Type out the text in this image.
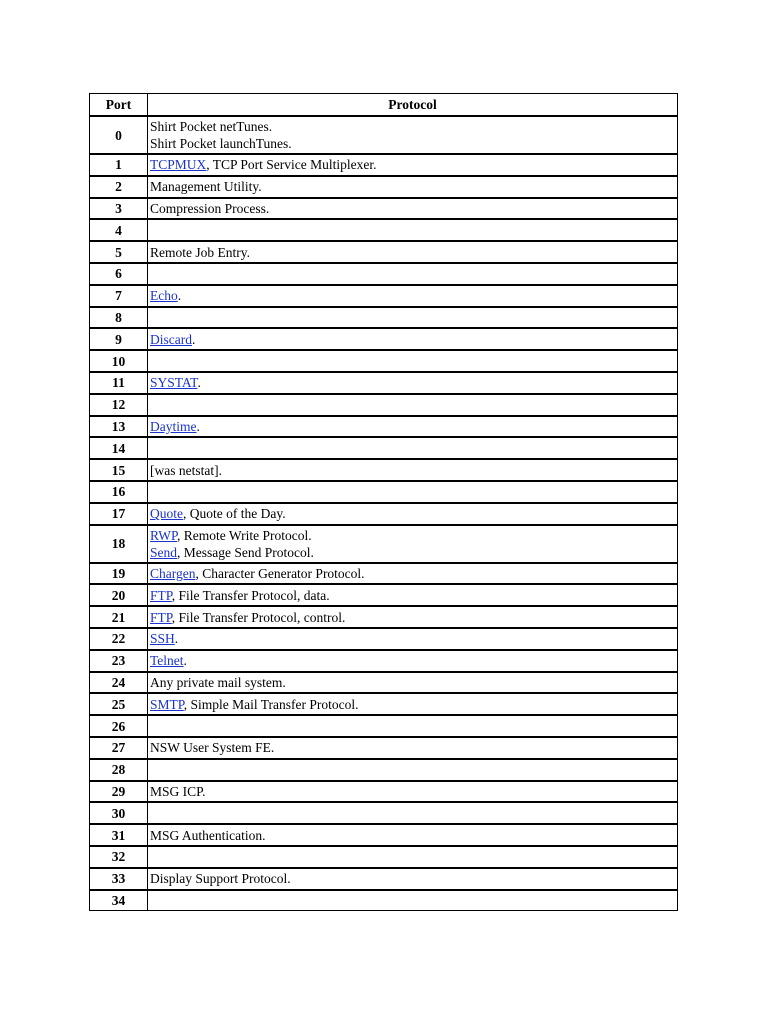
Port	Protocol
0	Shirt Pocket netTunes.
Shirt Pocket launchTunes.

1	TCPMUX, TCP Port Service Multiplexer.

2	Management Utility.

3	Compression Process.

4	
5	Remote Job Entry.

6	
7	Echo.

8	
9	Discard.

10	
11	SYSTAT.

12	
13	Daytime.

14	
15	[was netstat].

16	
17	Quote, Quote of the Day.

18	RWP, Remote Write Protocol.
Send, Message Send Protocol.

19	Chargen, Character Generator Protocol.

20	FTP, File Transfer Protocol, data.

21	FTP, File Transfer Protocol, control.

22	SSH.

23	Telnet.

24	Any private mail system.

25	SMTP, Simple Mail Transfer Protocol.

26	
27	NSW User System FE.

28	
29	MSG ICP.

30	
31	MSG Authentication.

32	
33	Display Support Protocol.

34	
